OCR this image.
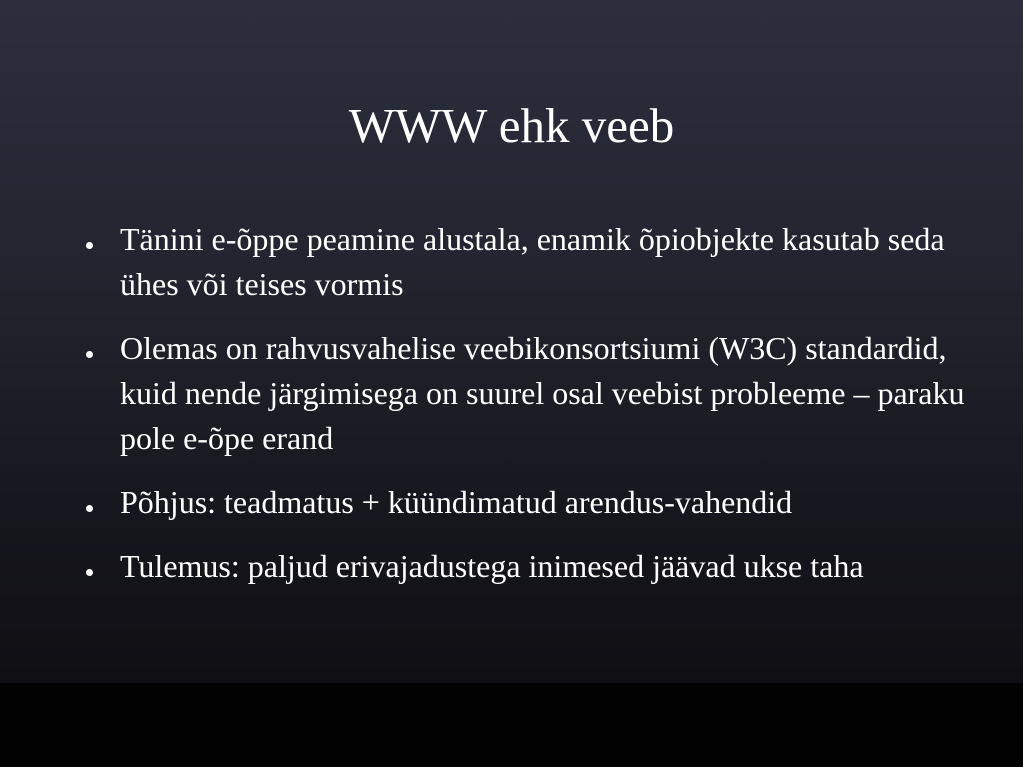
WWW ehk veeb
Tänini e-õppe peamine alustala, enamik õpiobjekte kasutab seda ühes või teises vormis
Olemas on rahvusvahelise veebikonsortsiumi (W3C) standardid, kuid nende järgimisega on suurel osal veebist probleeme – paraku pole e-õpe erand
Põhjus: teadmatus + küündimatud arendus-vahendid
Tulemus: paljud erivajadustega inimesed jäävad ukse taha
